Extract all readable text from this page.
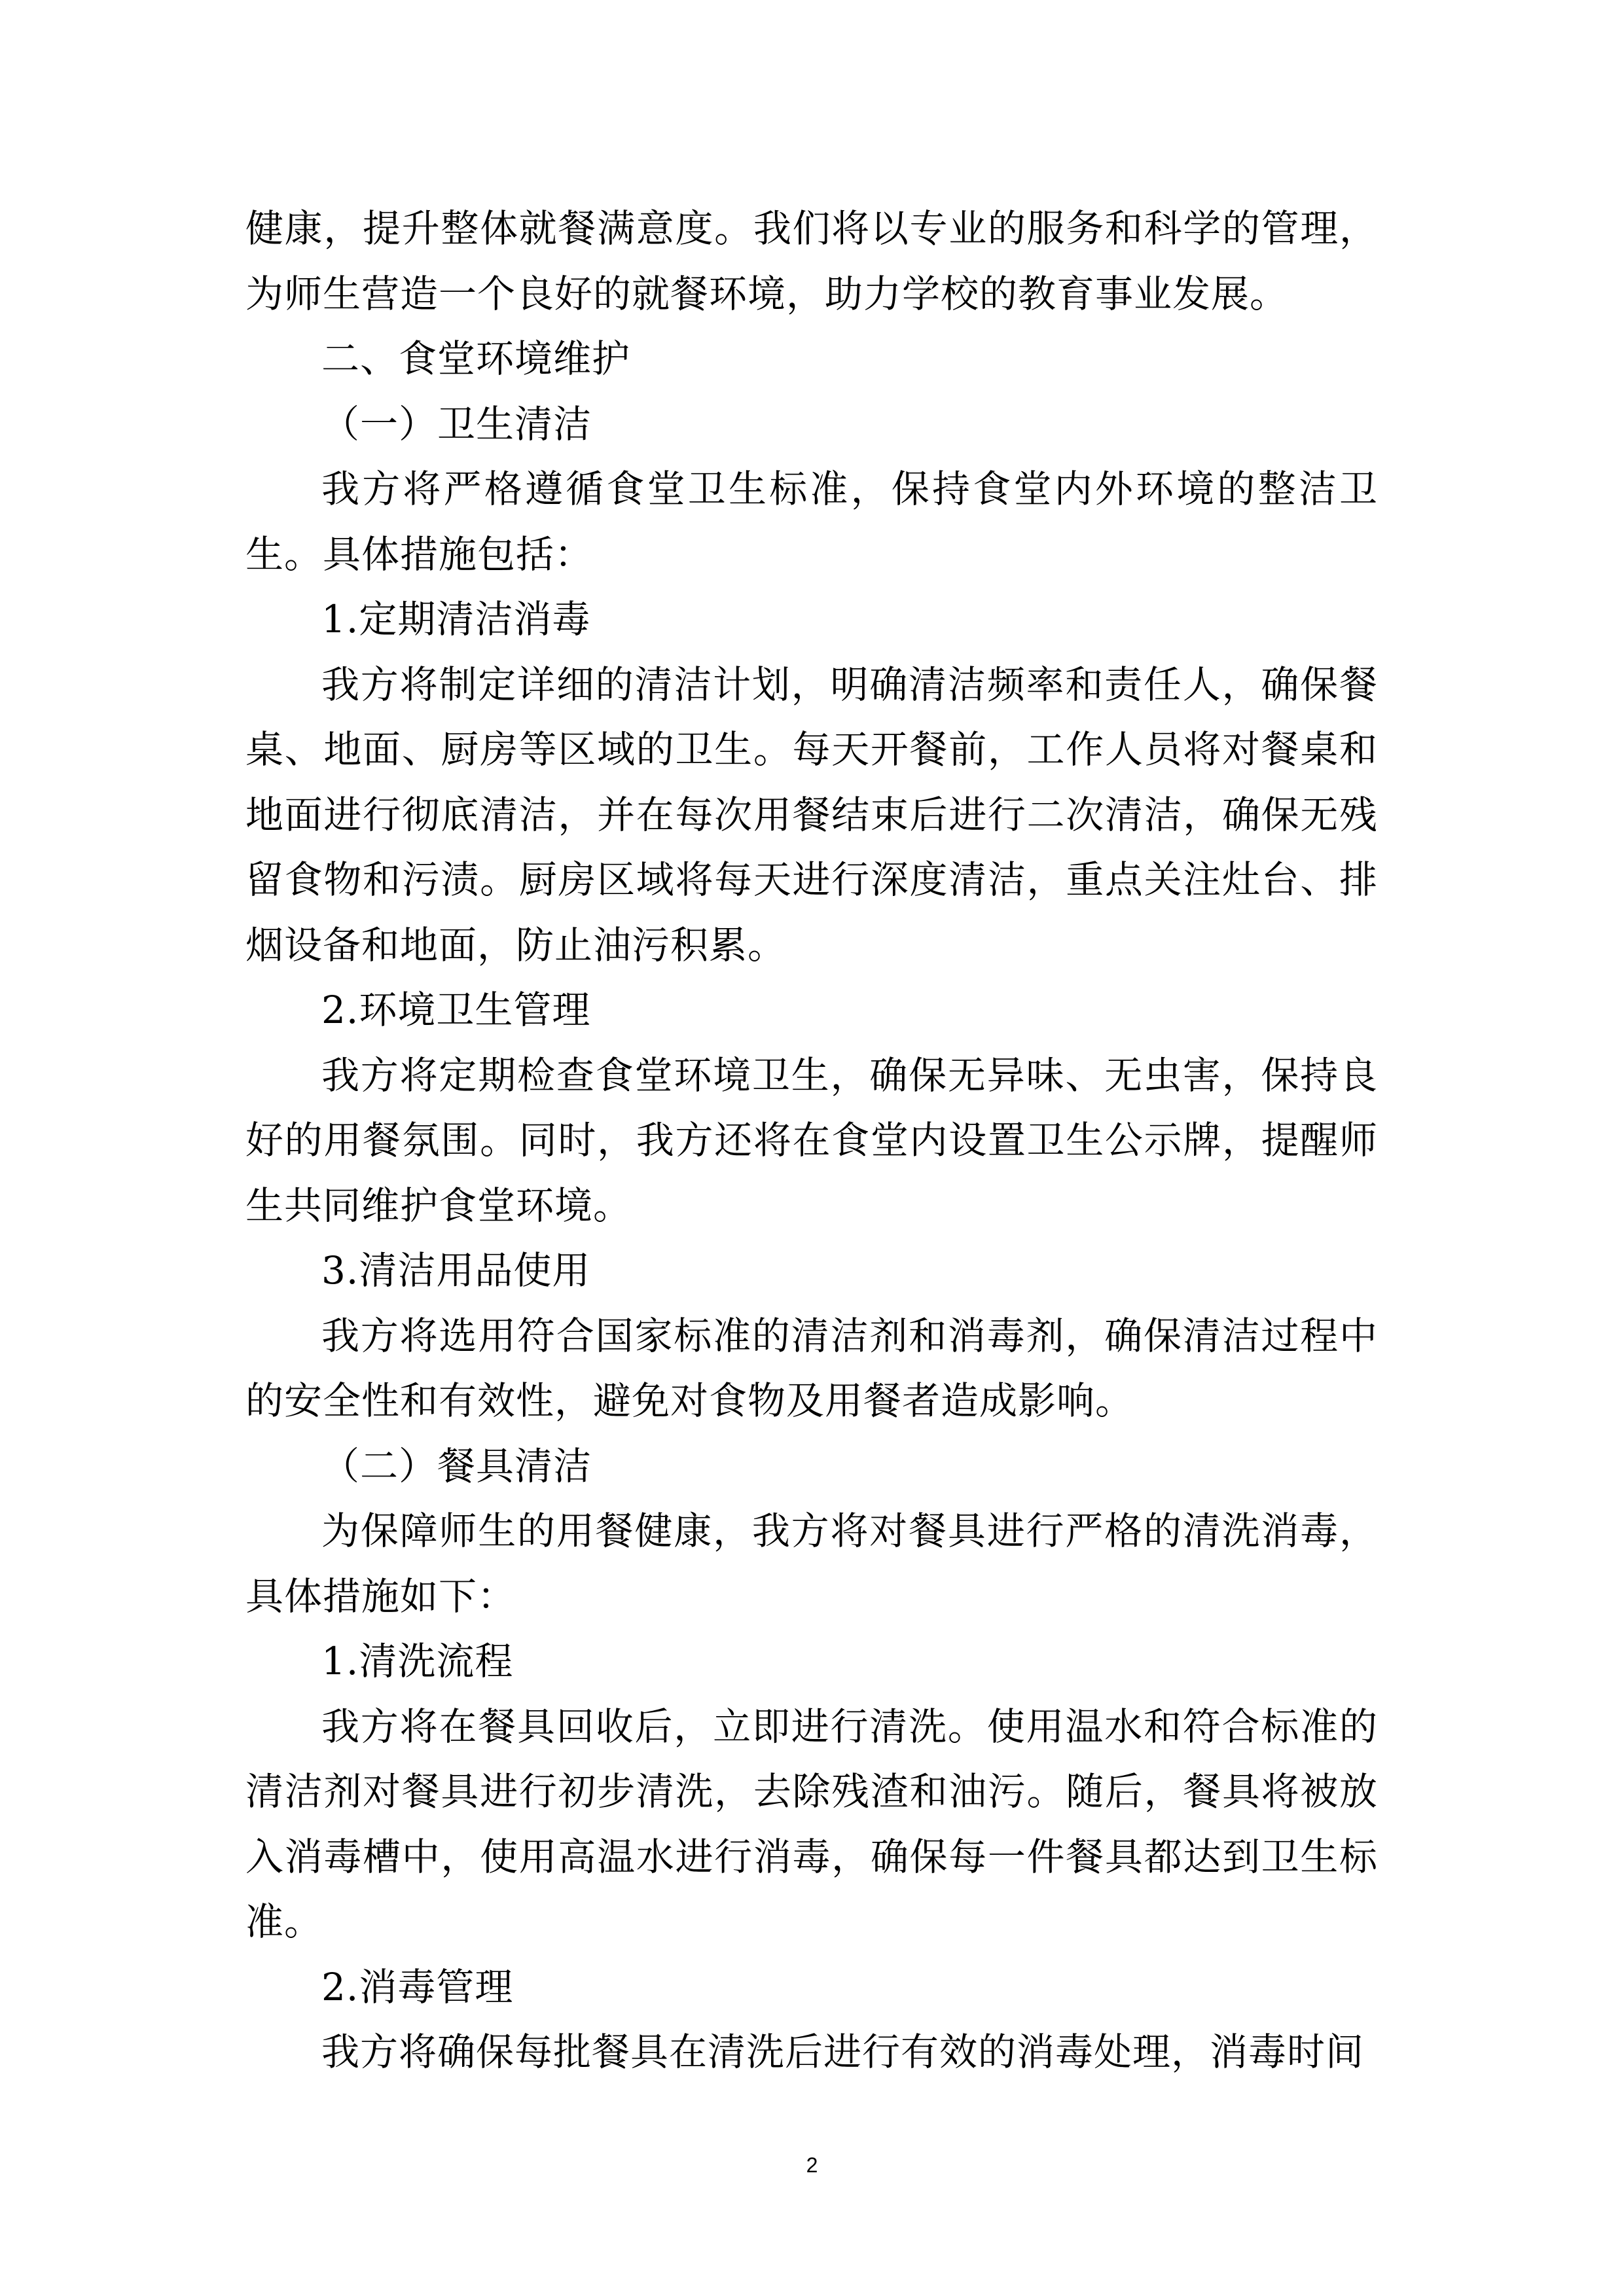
健康，提升整体就餐满意度。我们将以专业的服务和科学的管理，为师生营造一个良好的就餐环境，助力学校的教育事业发展。

二、食堂环境维护

（一）卫生清洁

我方将严格遵循食堂卫生标准，保持食堂内外环境的整洁卫生。具体措施包括：

1.定期清洁消毒

我方将制定详细的清洁计划，明确清洁频率和责任人，确保餐桌、地面、厨房等区域的卫生。每天开餐前，工作人员将对餐桌和地面进行彻底清洁，并在每次用餐结束后进行二次清洁，确保无残留食物和污渍。厨房区域将每天进行深度清洁，重点关注灶台、排烟设备和地面，防止油污积累。

2.环境卫生管理

我方将定期检查食堂环境卫生，确保无异味、无虫害，保持良好的用餐氛围。同时，我方还将在食堂内设置卫生公示牌，提醒师生共同维护食堂环境。

3.清洁用品使用

我方将选用符合国家标准的清洁剂和消毒剂，确保清洁过程中的安全性和有效性，避免对食物及用餐者造成影响。

（二）餐具清洁

为保障师生的用餐健康，我方将对餐具进行严格的清洗消毒，具体措施如下：

1.清洗流程

我方将在餐具回收后，立即进行清洗。使用温水和符合标准的清洁剂对餐具进行初步清洗，去除残渣和油污。随后，餐具将被放入消毒槽中，使用高温水进行消毒，确保每一件餐具都达到卫生标准。

2.消毒管理

我方将确保每批餐具在清洗后进行有效的消毒处理，消毒时间

2
